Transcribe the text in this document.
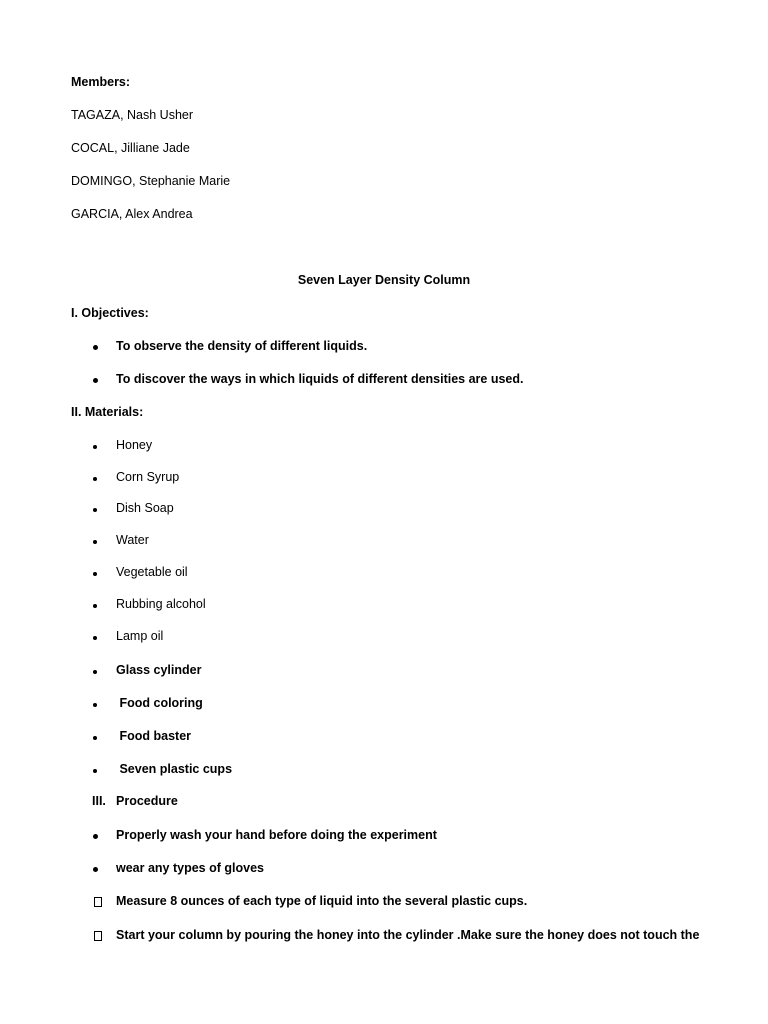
Members:
TAGAZA, Nash Usher
COCAL, Jilliane Jade
DOMINGO, Stephanie Marie
GARCIA, Alex Andrea
Seven Layer Density Column
I. Objectives:
To observe the density of different liquids.
To discover the ways in which liquids of different densities are used.
II. Materials:
Honey
Corn Syrup
Dish Soap
Water
Vegetable oil
Rubbing alcohol
Lamp oil
Glass cylinder
Food coloring
Food baster
Seven plastic cups
III. Procedure
Properly wash your hand before doing the experiment
wear any types of gloves
Measure 8 ounces of each type of liquid into the several plastic cups.
Start your column by pouring the honey into the cylinder .Make sure the honey does not touch the
